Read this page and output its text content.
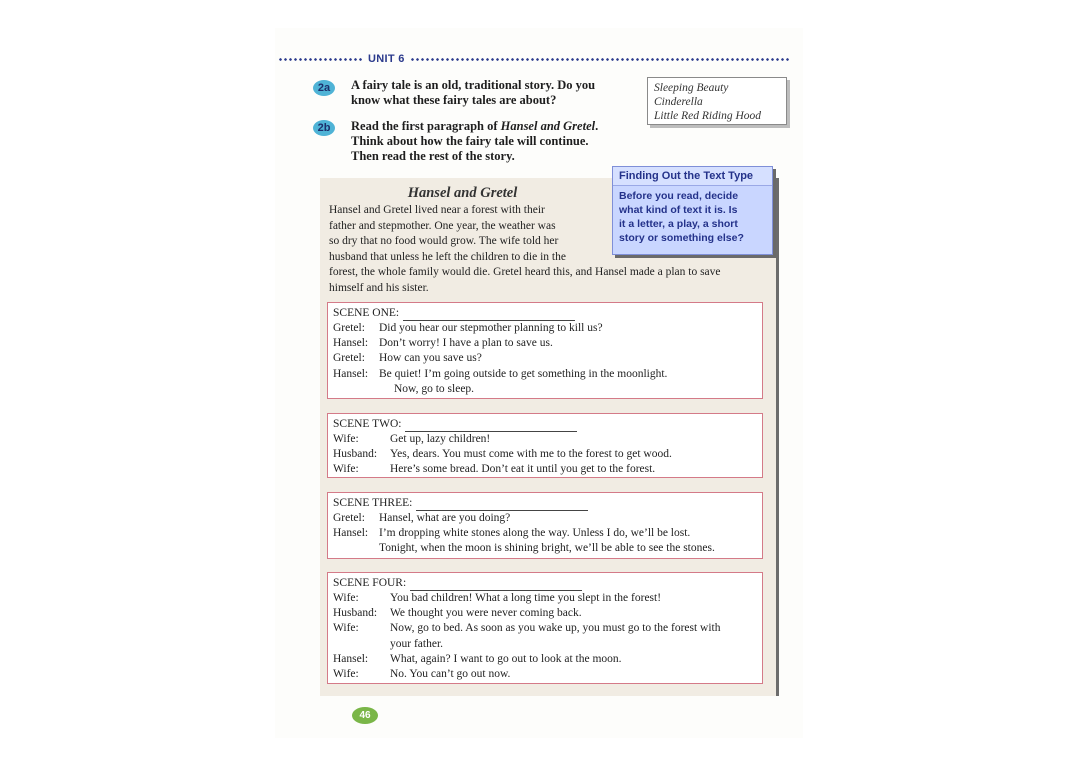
UNIT 6
2a	A fairy tale is an old, traditional story. Do you
know what these fairy tales are about?
Sleeping Beauty
Cinderella
Little Red Riding Hood
2b	Read the first paragraph of Hansel and Gretel.
Think about how the fairy tale will continue.
Then read the rest of the story.
Hansel and Gretel
Finding Out the Text Type
Before you read, decide
what kind of text it is. Is
it a letter, a play, a short
story or something else?
Hansel and Gretel lived near a forest with their
father and stepmother. One year, the weather was
so dry that no food would grow. The wife told her
husband that unless he left the children to die in the
forest, the whole family would die. Gretel heard this, and Hansel made a plan to save
himself and his sister.
SCENE ONE:
Gretel:	Did you hear our stepmother planning to kill us?
Hansel: Don’t worry! I have a plan to save us.
Gretel:	How can you save us?
Hansel: Be quiet! I’m going outside to get something in the moonlight.
Now, go to sleep.
SCENE TWO:
Wife:	Get up, lazy children!
Husband:	Yes, dears. You must come with me to the forest to get wood.
Wife:	Here’s some bread. Don’t eat it until you get to the forest.
SCENE THREE:
Gretel:	Hansel, what are you doing?
Hansel: I’m dropping white stones along the way. Unless I do, we’ll be lost.
Tonight, when the moon is shining bright, we’ll be able to see the stones.
SCENE FOUR:
Wife:	You bad children! What a long time you slept in the forest!
Husband:	We thought you were never coming back.
Wife:	Now, go to bed. As soon as you wake up, you must go to the forest with
your father.
Hansel:	What, again? I want to go out to look at the moon.
Wife:	No. You can’t go out now.
46
